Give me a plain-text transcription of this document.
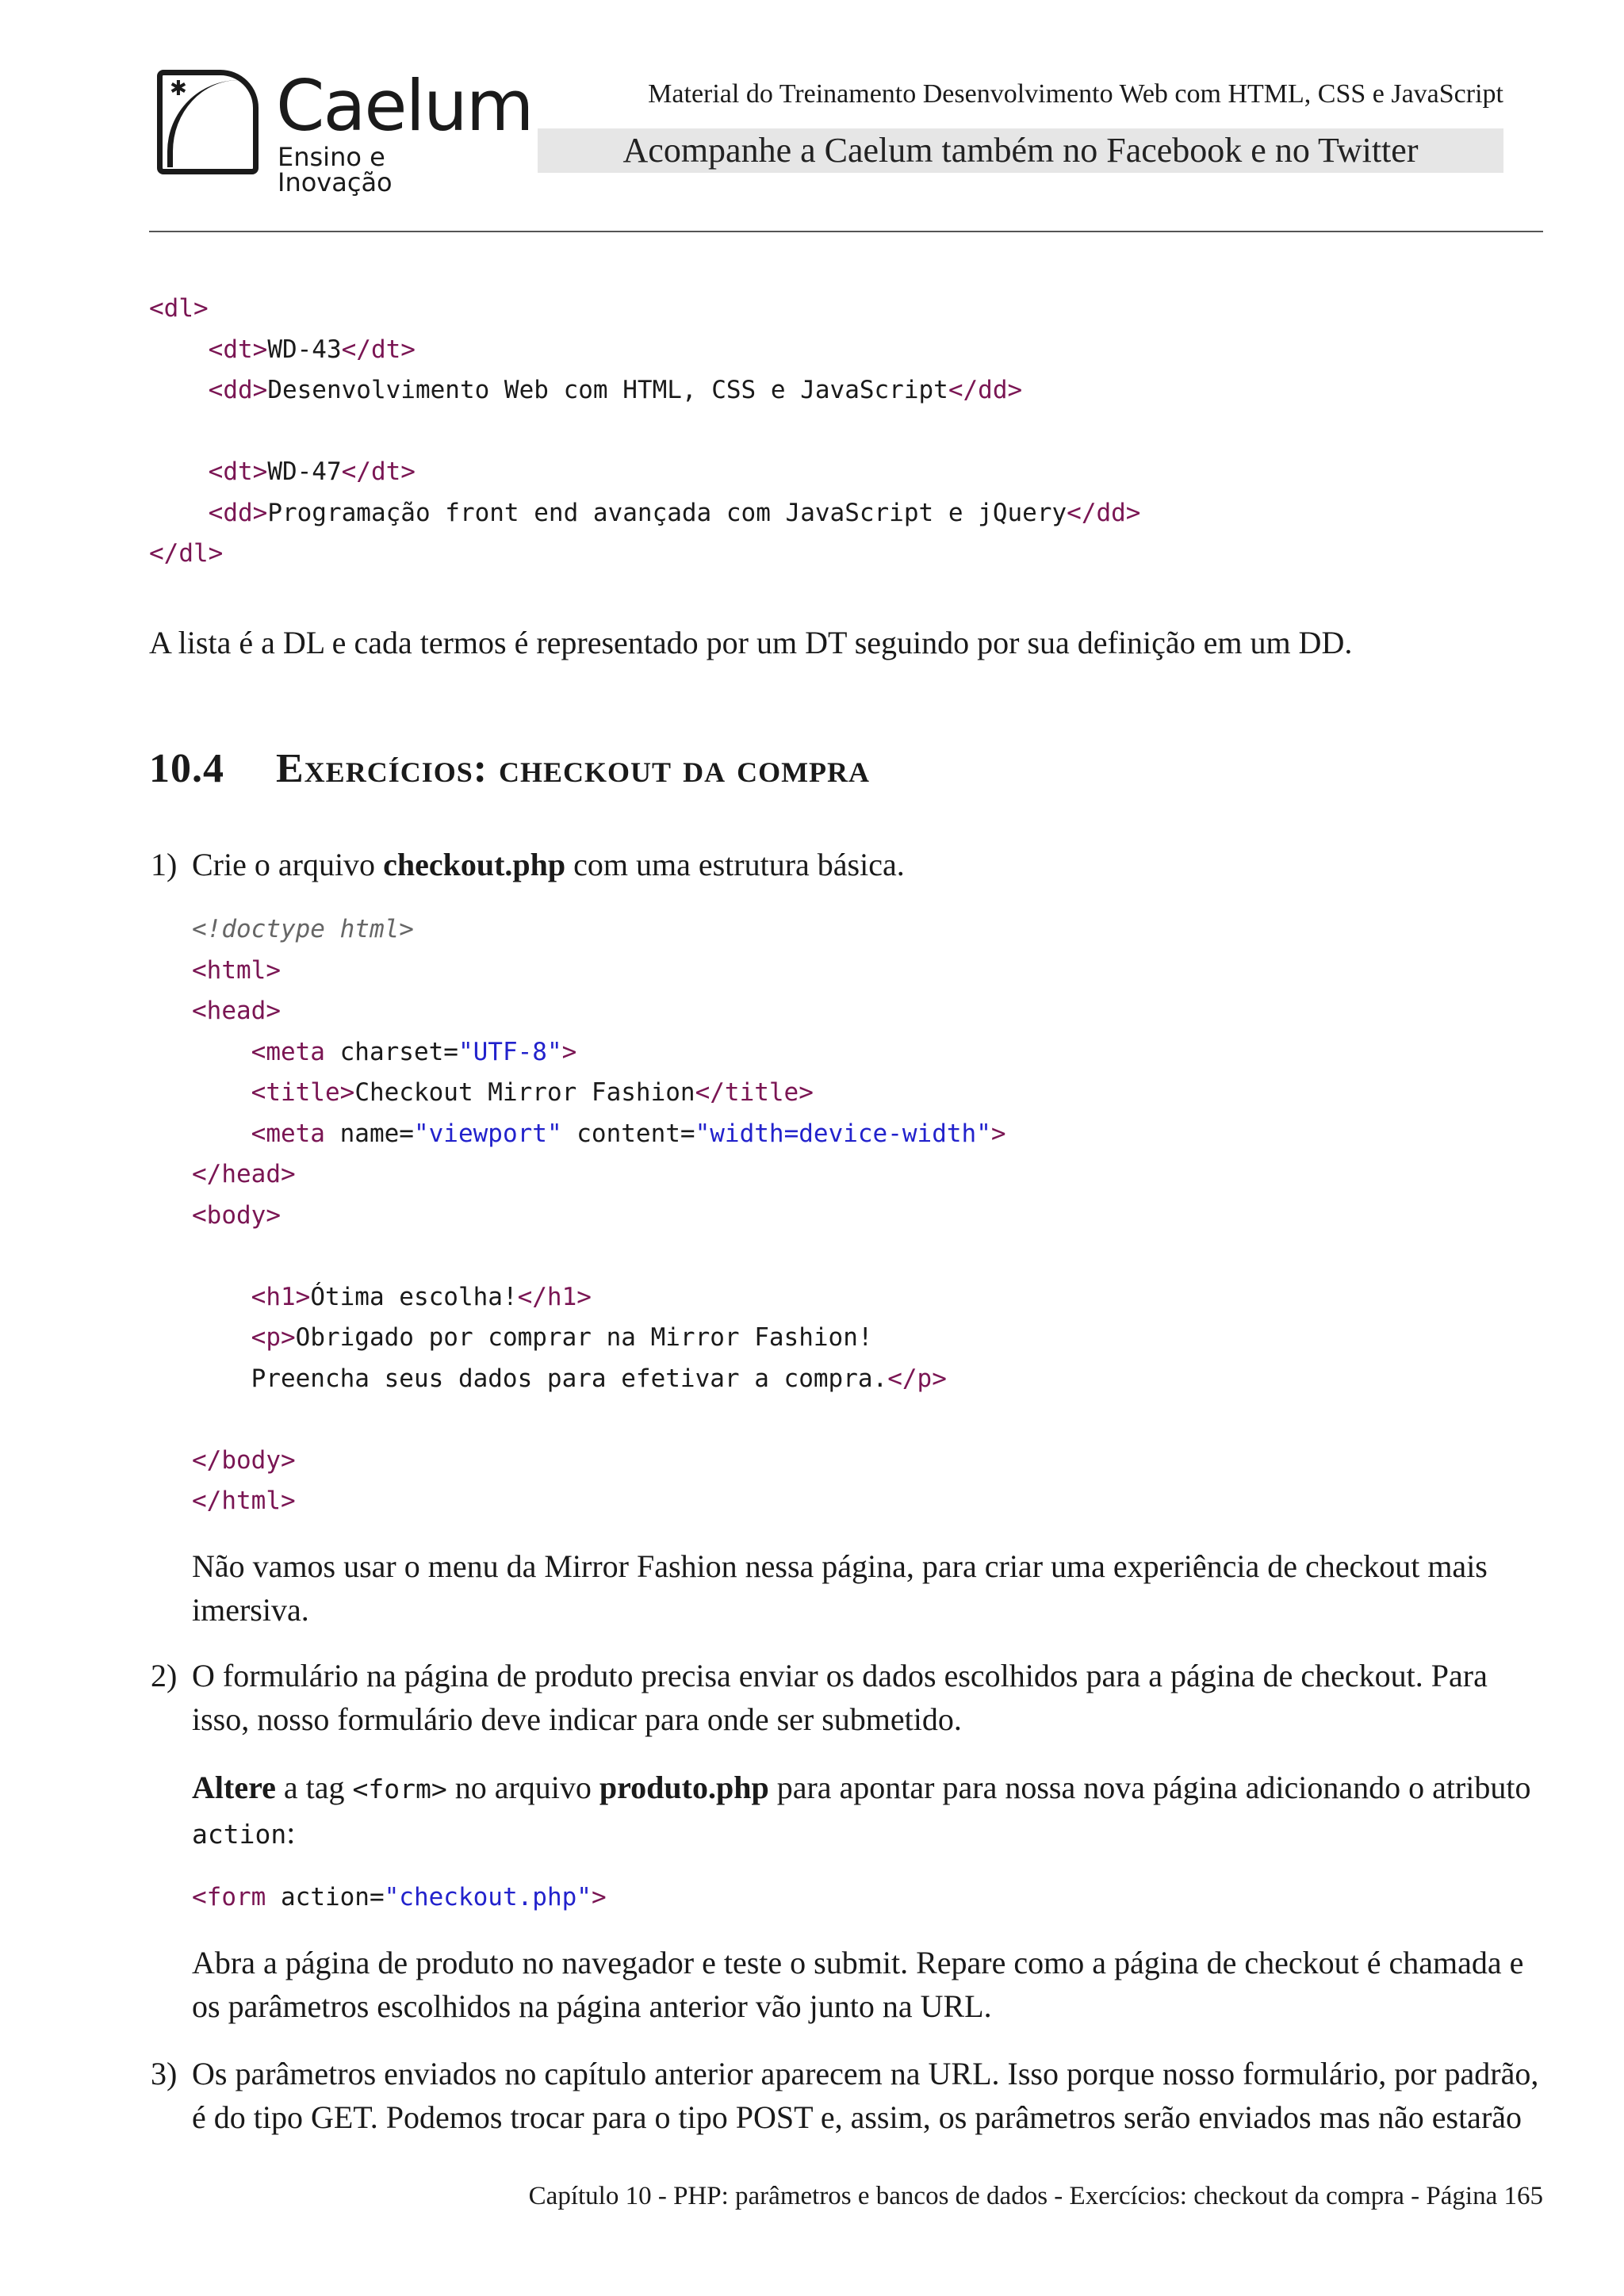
✱ Caelum
Ensino e Inovação
Material do Treinamento Desenvolvimento Web com HTML, CSS e JavaScript
Acompanhe a Caelum também no Facebook e no Twitter
<dl>
<dt>WD-43</dt>
<dd>Desenvolvimento Web com HTML, CSS e JavaScript</dd>

<dt>WD-47</dt>
<dd>Programação front end avançada com JavaScript e jQuery</dd>
</dl>
A lista é a DL e cada termos é representado por um DT seguindo por sua definição em um DD.
10.4 Exercícios: checkout da compra
1) Crie o arquivo checkout.php com uma estrutura básica.
<!doctype html>
<html>
<head>
<meta charset="UTF-8">
<title>Checkout Mirror Fashion</title>
<meta name="viewport" content="width=device-width">
</head>
<body>

<h1>Ótima escolha!</h1>
<p>Obrigado por comprar na Mirror Fashion!
Preencha seus dados para efetivar a compra.</p>

</body>
</html>
Não vamos usar o menu da Mirror Fashion nessa página, para criar uma experiência de checkout mais imersiva.
2) O formulário na página de produto precisa enviar os dados escolhidos para a página de checkout. Para isso, nosso formulário deve indicar para onde ser submetido.
Altere a tag <form> no arquivo produto.php para apontar para nossa nova página adicionando o atributo action:
<form action="checkout.php">
Abra a página de produto no navegador e teste o submit. Repare como a página de checkout é chamada e os parâmetros escolhidos na página anterior vão junto na URL.
3) Os parâmetros enviados no capítulo anterior aparecem na URL. Isso porque nosso formulário, por padrão, é do tipo GET. Podemos trocar para o tipo POST e, assim, os parâmetros serão enviados mas não estarão
Capítulo 10 - PHP: parâmetros e bancos de dados - Exercícios: checkout da compra - Página 165
